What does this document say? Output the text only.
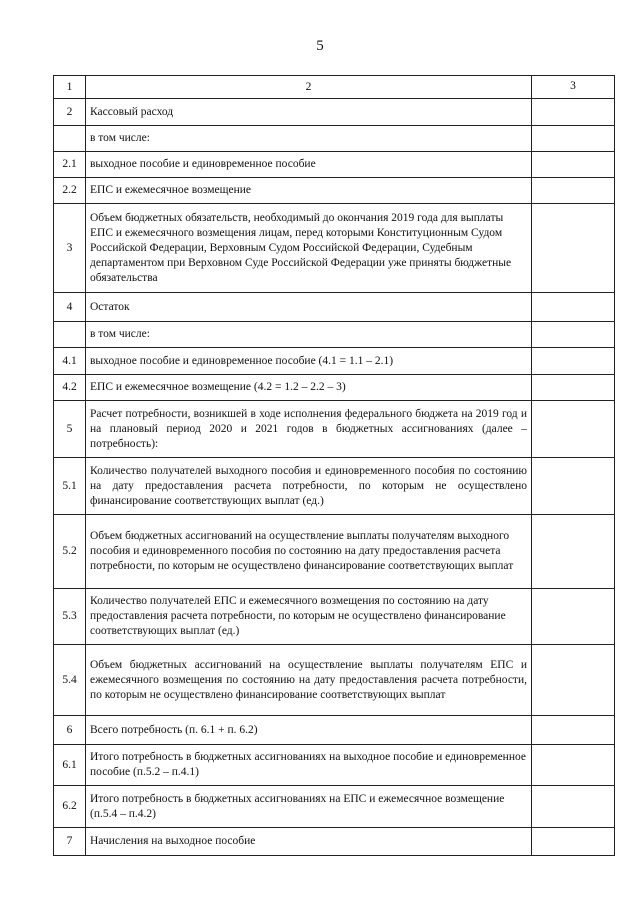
5
1	2	3
2	Кассовый расход	
	в том числе:	
2.1	выходное пособие и единовременное пособие	
2.2	ЕПС и ежемесячное возмещение	
3	Объем бюджетных обязательств, необходимый до окончания 2019 года для выплаты ЕПС и ежемесячного возмещения лицам, перед которыми Конституционным Судом Российской Федерации, Верховным Судом Российской Федерации, Судебным департаментом при Верховном Суде Российской Федерации уже приняты бюджетные обязательства	
4	Остаток	
	в том числе:	
4.1	выходное пособие и единовременное пособие (4.1 = 1.1 – 2.1)	
4.2	ЕПС и ежемесячное возмещение (4.2 = 1.2 – 2.2 – 3)	
5	Расчет потребности, возникшей в ходе исполнения федерального бюджета на 2019 год и на плановый период 2020 и 2021 годов в бюджетных ассигнованиях (далее – потребность):	
5.1	Количество получателей выходного пособия и единовременного пособия по состоянию на дату предоставления расчета потребности, по которым не осуществлено финансирование соответствующих выплат (ед.)	
5.2	Объем бюджетных ассигнований на осуществление выплаты получателям выходного пособия и единовременного пособия по состоянию на дату предоставления расчета потребности, по которым не осуществлено финансирование соответствующих выплат	
5.3	Количество получателей ЕПС и ежемесячного возмещения по состоянию на дату предоставления расчета потребности, по которым не осуществлено финансирование соответствующих выплат (ед.)	
5.4	Объем бюджетных ассигнований на осуществление выплаты получателям ЕПС и ежемесячного возмещения по состоянию на дату предоставления расчета потребности, по которым не осуществлено финансирование соответствующих выплат	
6	Всего потребность (п. 6.1 + п. 6.2)	
6.1	Итого потребность в бюджетных ассигнованиях на выходное пособие и единовременное пособие (п.5.2 – п.4.1)	
6.2	Итого потребность в бюджетных ассигнованиях на ЕПС и ежемесячное возмещение (п.5.4 – п.4.2)	
7	Начисления на выходное пособие	
